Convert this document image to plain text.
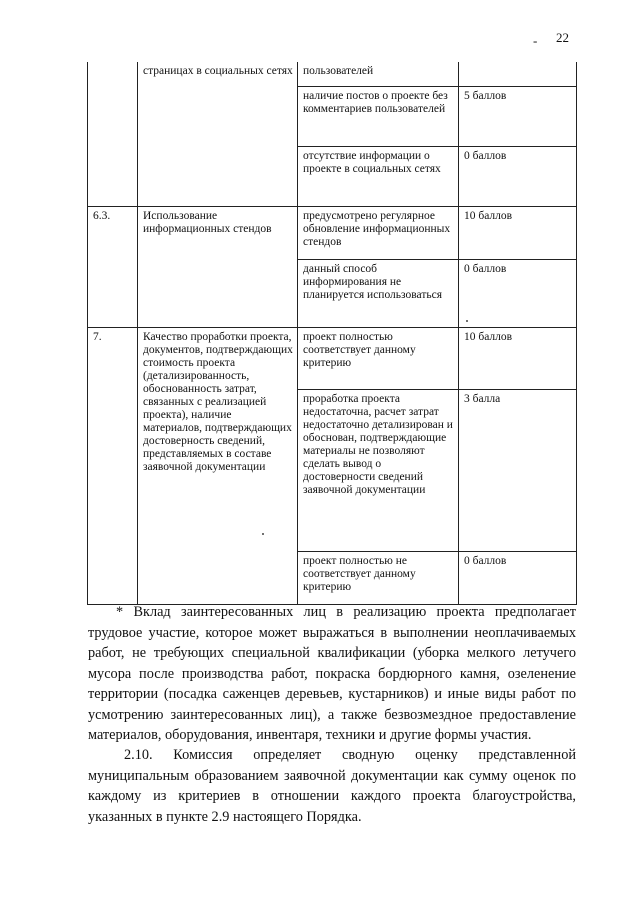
- 22
	страницах в социальных сетях	пользователей	
		наличие постов о проекте без комментариев пользователей	5 баллов
		отсутствие информации о проекте в социальных сетях	0 баллов
6.3.	Использование информационных стендов	предусмотрено регулярное обновление информационных стендов	10 баллов
		данный способ информирования не планируется использоваться	0 баллов
7.	Качество проработки проекта, документов, подтверждающих стоимость проекта (детализированность, обоснованность затрат, связанных с реализацией проекта), наличие материалов, подтверждающих достоверность сведений, представляемых в составе заявочной документации	проект полностью соответствует данному критерию	10 баллов
		проработка проекта недостаточна, расчет затрат недостаточно детализирован и обоснован, подтверждающие материалы не позволяют сделать вывод о достоверности сведений заявочной документации	3 балла
		проект полностью не соответствует данному критерию	0 баллов
* Вклад заинтересованных лиц в реализацию проекта предполагает трудовое участие, которое может выражаться в выполнении неоплачиваемых работ, не требующих специальной квалификации (уборка мелкого летучего мусора после производства работ, покраска бордюрного камня, озеленение территории (посадка саженцев деревьев, кустарников) и иные виды работ по усмотрению заинтересованных лиц), а также безвозмездное предоставление материалов, оборудования, инвентаря, техники и другие формы участия.
2.10. Комиссия определяет сводную оценку представленной муниципальным образованием заявочной документации как сумму оценок по каждому из критериев в отношении каждого проекта благоустройства, указанных в пункте 2.9 настоящего Порядка.
